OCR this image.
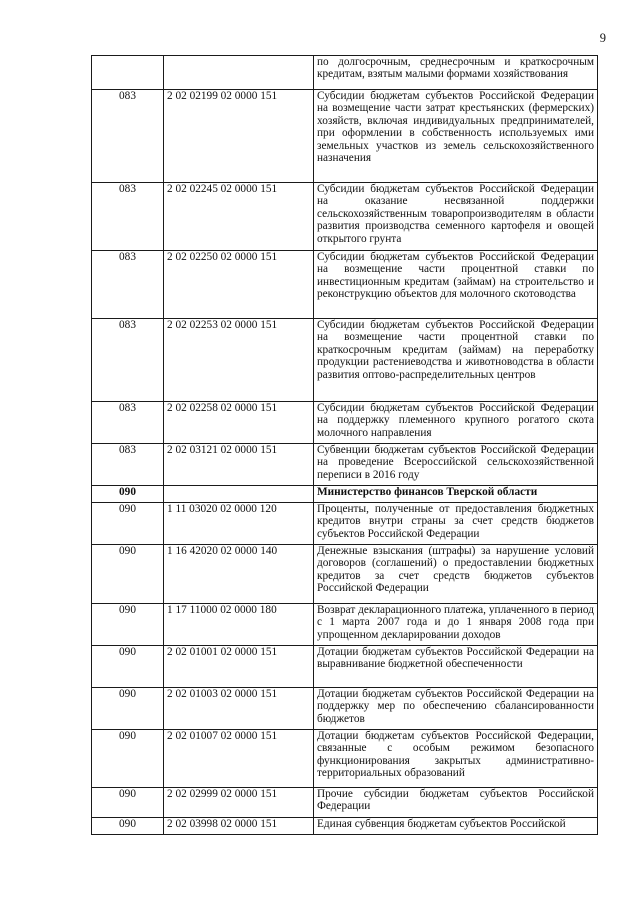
9
		по долгосрочным, среднесрочным и краткосрочным кредитам, взятым малыми формами хозяйствования
083	2 02 02199 02 0000 151	Субсидии бюджетам субъектов Российской Федерации на возмещение части затрат крестьянских (фермерских) хозяйств, включая индивидуальных предпринимателей, при оформлении в собственность используемых ими земельных участков из земель сельскохозяйственного назначения
083	2 02 02245 02 0000 151	Субсидии бюджетам субъектов Российской Федерации на оказание несвязанной поддержки сельскохозяйственным товаропроизводителям в области развития производства семенного картофеля и овощей открытого грунта
083	2 02 02250 02 0000 151	Субсидии бюджетам субъектов Российской Федерации на возмещение части процентной ставки по инвестиционным кредитам (займам) на строительство и реконструкцию объектов для молочного скотоводства
083	2 02 02253 02 0000 151	Субсидии бюджетам субъектов Российской Федерации на возмещение части процентной ставки по краткосрочным кредитам (займам) на переработку продукции растениеводства и животноводства в области развития оптово-распределительных центров
083	2 02 02258 02 0000 151	Субсидии бюджетам субъектов Российской Федерации на поддержку племенного крупного рогатого скота молочного направления
083	2 02 03121 02 0000 151	Субвенции бюджетам субъектов Российской Федерации на проведение Всероссийской сельскохозяйственной переписи в 2016 году
090		Министерство финансов Тверской области
090	1 11 03020 02 0000 120	Проценты, полученные от предоставления бюджетных кредитов внутри страны за счет средств бюджетов субъектов Российской Федерации
090	1 16 42020 02 0000 140	Денежные взыскания (штрафы) за нарушение условий договоров (соглашений) о предоставлении бюджетных кредитов за счет средств бюджетов субъектов Российской Федерации
090	1 17 11000 02 0000 180	Возврат декларационного платежа, уплаченного в период с 1 марта 2007 года и до 1 января 2008 года при упрощенном декларировании доходов
090	2 02 01001 02 0000 151	Дотации бюджетам субъектов Российской Федерации на выравнивание бюджетной обеспеченности
090	2 02 01003 02 0000 151	Дотации бюджетам субъектов Российской Федерации на поддержку мер по обеспечению сбалансированности бюджетов
090	2 02 01007 02 0000 151	Дотации бюджетам субъектов Российской Федерации, связанные с особым режимом безопасного функционирования закрытых административно-территориальных образований
090	2 02 02999 02 0000 151	Прочие субсидии бюджетам субъектов Российской Федерации
090	2 02 03998 02 0000 151	Единая субвенция бюджетам субъектов Российской
